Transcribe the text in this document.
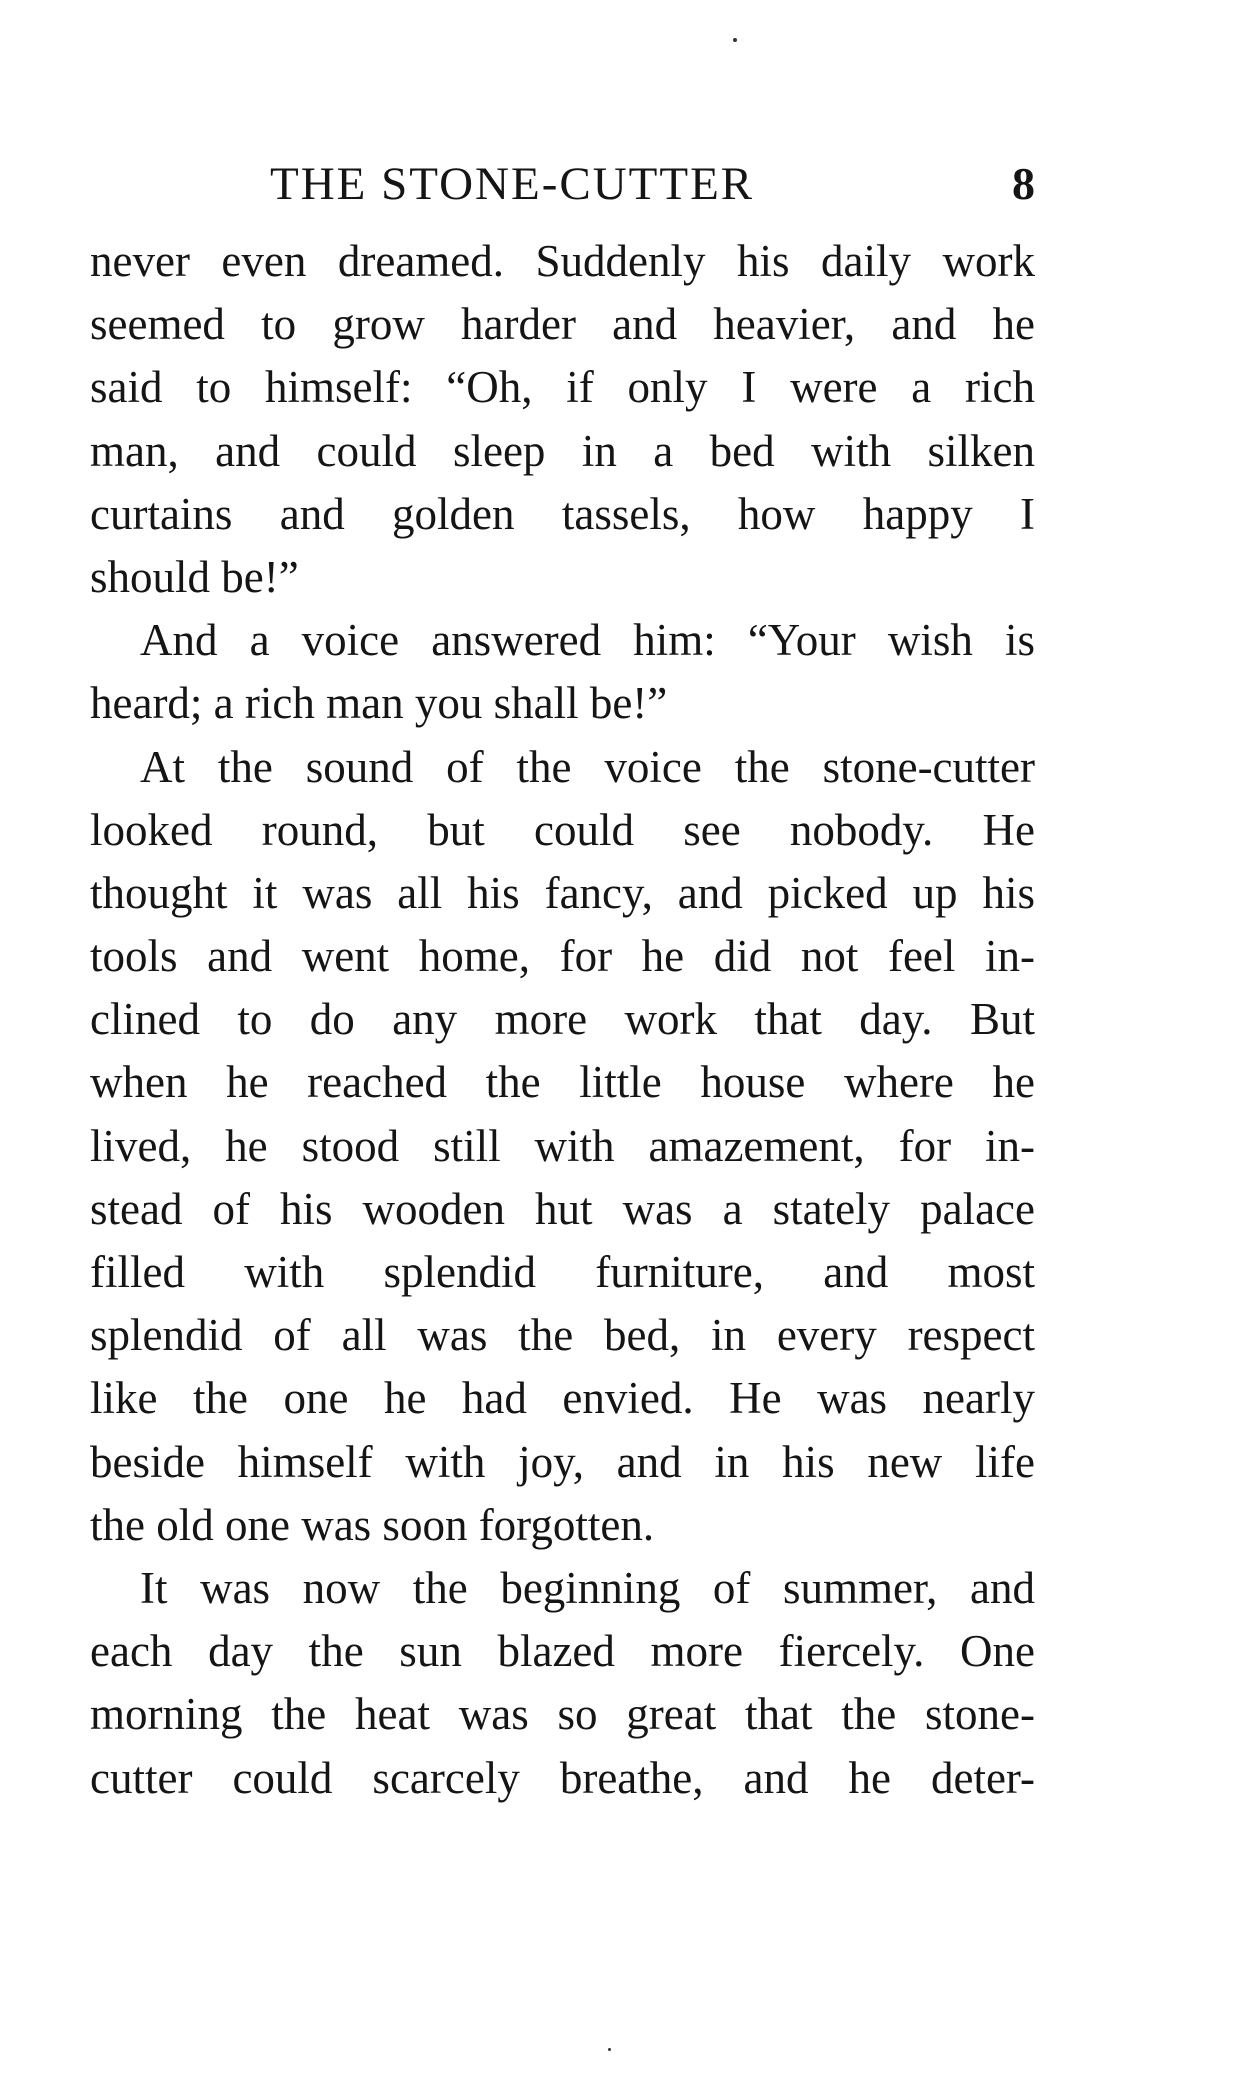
THE STONE-CUTTER	8
never even dreamed. Suddenly his daily work
seemed to grow harder and heavier, and he
said to himself: “Oh, if only I were a rich
man, and could sleep in a bed with silken
curtains and golden tassels, how happy I
should be!”
And a voice answered him: “Your wish is
heard; a rich man you shall be!”
At the sound of the voice the stone-cutter
looked round, but could see nobody. He
thought it was all his fancy, and picked up his
tools and went home, for he did not feel in-
clined to do any more work that day. But
when he reached the little house where he
lived, he stood still with amazement, for in-
stead of his wooden hut was a stately palace
filled with splendid furniture, and most
splendid of all was the bed, in every respect
like the one he had envied. He was nearly
beside himself with joy, and in his new life
the old one was soon forgotten.
It was now the beginning of summer, and
each day the sun blazed more fiercely. One
morning the heat was so great that the stone-
cutter could scarcely breathe, and he deter-
